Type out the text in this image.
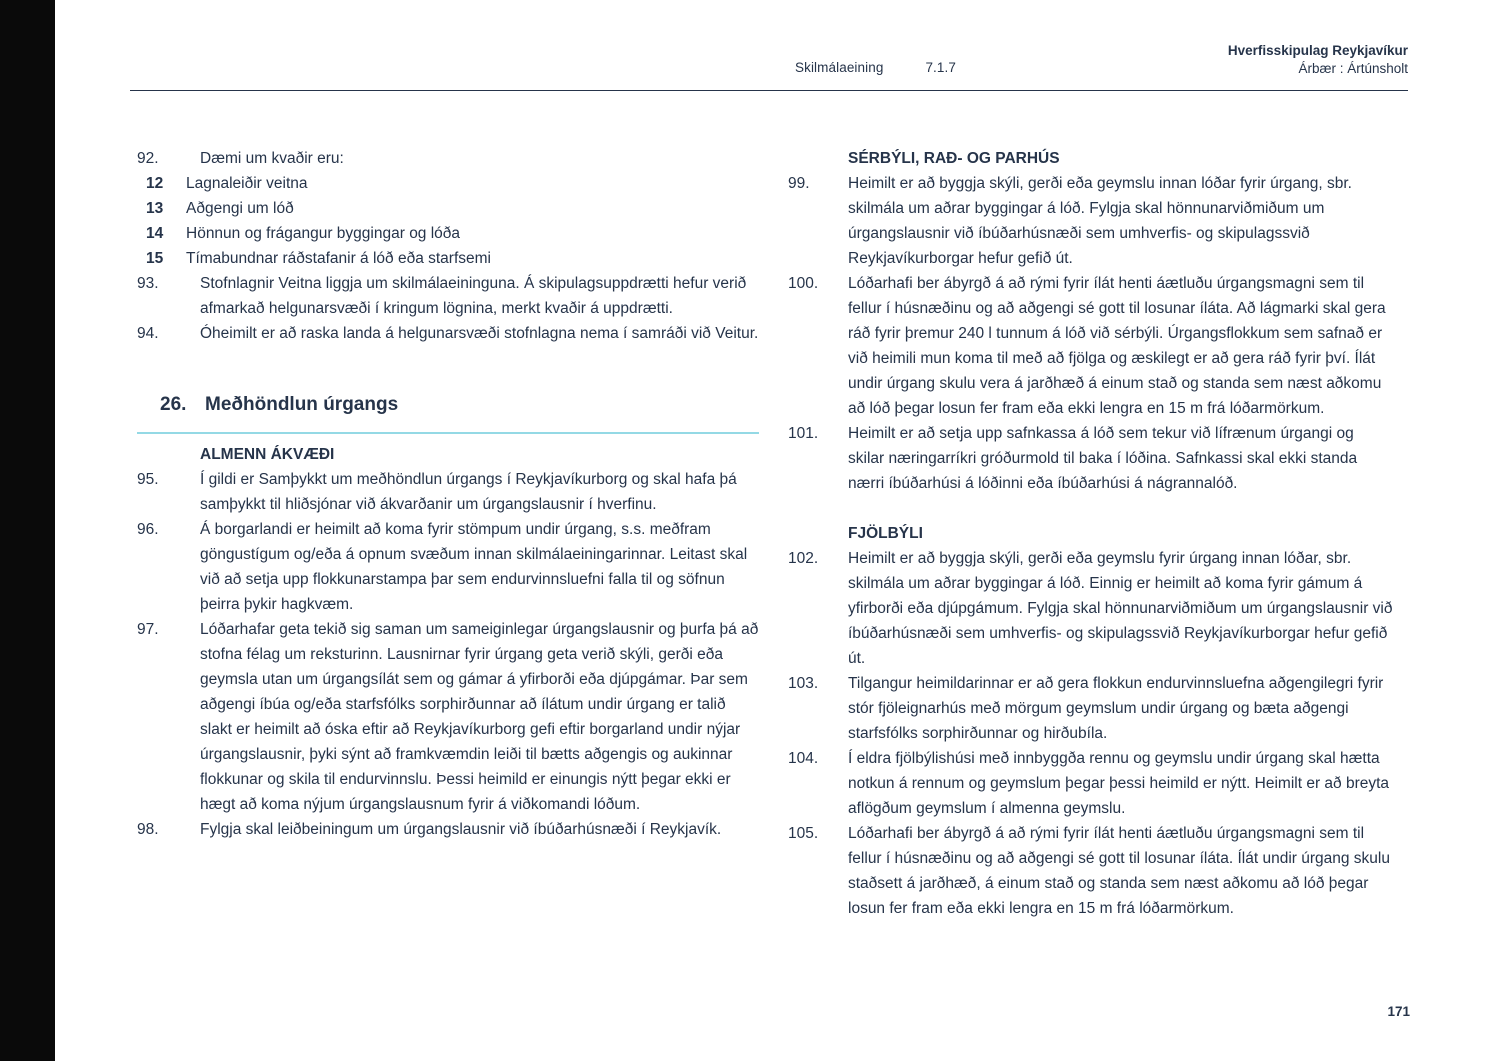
Skilmálaeining	7.1.7
Hverfisskipulag Reykjavíkur
Árbær : Ártúnsholt
92.	Dæmi um kvaðir eru:
12	Lagnaleiðir veitna
13	Aðgengi um lóð
14	Hönnun og frágangur byggingar og lóða
15	Tímabundnar ráðstafanir á lóð eða starfsemi
93.	Stofnlagnir Veitna liggja um skilmálaeininguna. Á skipulagsuppdrætti hefur verið afmarkað helgunarsvæði í kringum lögnina, merkt kvaðir á uppdrætti.
94.	Óheimilt er að raska landa á helgunarsvæði stofnlagna nema í samráði við Veitur.
26. Meðhöndlun úrgangs
ALMENN ÁKVÆÐI
95.	Í gildi er Samþykkt um meðhöndlun úrgangs í Reykjavíkurborg og skal hafa þá samþykkt til hliðsjónar við ákvarðanir um úrgangslausnir í hverfinu.
96.	Á borgarlandi er heimilt að koma fyrir stömpum undir úrgang, s.s. meðfram göngustígum og/eða á opnum svæðum innan skilmálaeiningarinnar. Leitast skal við að setja upp flokkunarstampa þar sem endurvinnsluefni falla til og söfnun þeirra þykir hagkvæm.
97.	Lóðarhafar geta tekið sig saman um sameiginlegar úrgangslausnir og þurfa þá að stofna félag um reksturinn. Lausnirnar fyrir úrgang geta verið skýli, gerði eða geymsla utan um úrgangsílát sem og gámar á yfirborði eða djúpgámar. Þar sem aðgengi íbúa og/eða starfsfólks sorphirðunnar að ílátum undir úrgang er talið slakt er heimilt að óska eftir að Reykjavíkurborg gefi eftir borgarland undir nýjar úrgangslausnir, þyki sýnt að framkvæmdin leiði til bætts aðgengis og aukinnar flokkunar og skila til endurvinnslu. Þessi heimild er einungis nýtt þegar ekki er hægt að koma nýjum úrgangslausnum fyrir á viðkomandi lóðum.
98.	Fylgja skal leiðbeiningum um úrgangslausnir við íbúðarhúsnæði í Reykjavík.
SÉRBÝLI, RAÐ- OG PARHÚS
99.	Heimilt er að byggja skýli, gerði eða geymslu innan lóðar fyrir úrgang, sbr. skilmála um aðrar byggingar á lóð. Fylgja skal hönnunarviðmiðum um úrgangslausnir við íbúðarhúsnæði sem umhverfis- og skipulagssvið Reykjavíkurborgar hefur gefið út.
100.	Lóðarhafi ber ábyrgð á að rými fyrir ílát henti áætluðu úrgangsmagni sem til fellur í húsnæðinu og að aðgengi sé gott til losunar íláta. Að lágmarki skal gera ráð fyrir þremur 240 l tunnum á lóð við sérbýli. Úrgangsflokkum sem safnað er við heimili mun koma til með að fjölga og æskilegt er að gera ráð fyrir því. Ílát undir úrgang skulu vera á jarðhæð á einum stað og standa sem næst aðkomu að lóð þegar losun fer fram eða ekki lengra en 15 m frá lóðarmörkum.
101.	Heimilt er að setja upp safnkassa á lóð sem tekur við lífrænum úrgangi og skilar næringarríkri gróðurmold til baka í lóðina. Safnkassi skal ekki standa nærri íbúðarhúsi á lóðinni eða íbúðarhúsi á nágrannalóð.
FJÖLBÝLI
102.	Heimilt er að byggja skýli, gerði eða geymslu fyrir úrgang innan lóðar, sbr. skilmála um aðrar byggingar á lóð. Einnig er heimilt að koma fyrir gámum á yfirborði eða djúpgámum. Fylgja skal hönnunarviðmiðum um úrgangslausnir við íbúðarhúsnæði sem umhverfis- og skipulagssvið Reykjavíkurborgar hefur gefið út.
103.	Tilgangur heimildarinnar er að gera flokkun endurvinnsluefna aðgengilegri fyrir stór fjöleignarhús með mörgum geymslum undir úrgang og bæta aðgengi starfsfólks sorphirðunnar og hirðubíla.
104.	Í eldra fjölbýlishúsi með innbyggða rennu og geymslu undir úrgang skal hætta notkun á rennum og geymslum þegar þessi heimild er nýtt. Heimilt er að breyta aflögðum geymslum í almenna geymslu.
105.	Lóðarhafi ber ábyrgð á að rými fyrir ílát henti áætluðu úrgangsmagni sem til fellur í húsnæðinu og að aðgengi sé gott til losunar íláta. Ílát undir úrgang skulu staðsett á jarðhæð, á einum stað og standa sem næst aðkomu að lóð þegar losun fer fram eða ekki lengra en 15 m frá lóðarmörkum.
171
